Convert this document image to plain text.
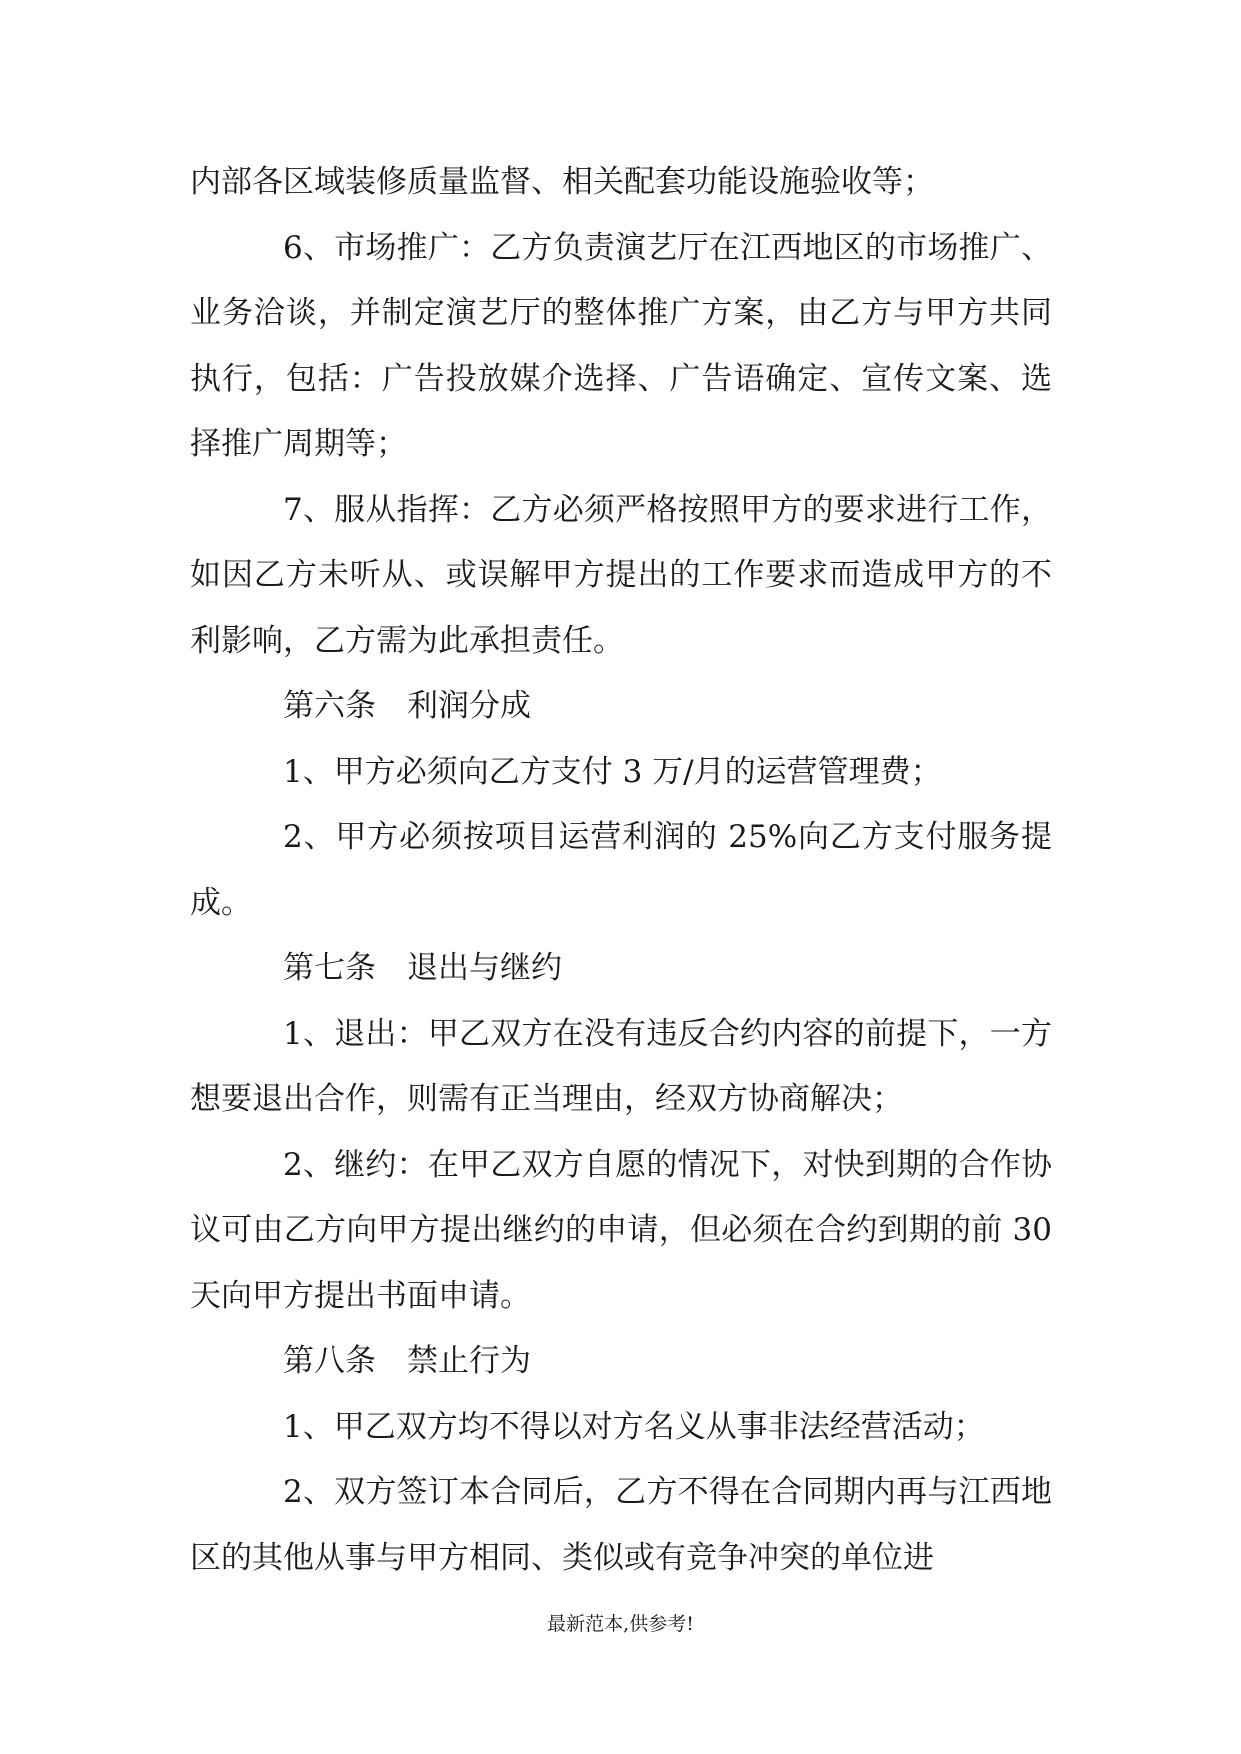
内部各区域装修质量监督、相关配套功能设施验收等；

6、市场推广：乙方负责演艺厅在江西地区的市场推广、业务洽谈，并制定演艺厅的整体推广方案，由乙方与甲方共同执行，包括：广告投放媒介选择、广告语确定、宣传文案、选择推广周期等；

7、服从指挥：乙方必须严格按照甲方的要求进行工作，如因乙方未听从、或误解甲方提出的工作要求而造成甲方的不利影响，乙方需为此承担责任。

第六条　利润分成

1、甲方必须向乙方支付 3 万/月的运营管理费；

2、甲方必须按项目运营利润的 25%向乙方支付服务提成。

第七条　退出与继约

1、退出：甲乙双方在没有违反合约内容的前提下，一方想要退出合作，则需有正当理由，经双方协商解决；

2、继约：在甲乙双方自愿的情况下，对快到期的合作协议可由乙方向甲方提出继约的申请，但必须在合约到期的前 30 天向甲方提出书面申请。

第八条　禁止行为

1、甲乙双方均不得以对方名义从事非法经营活动；

2、双方签订本合同后，乙方不得在合同期内再与江西地区的其他从事与甲方相同、类似或有竞争冲突的单位进

最新范本,供参考!
